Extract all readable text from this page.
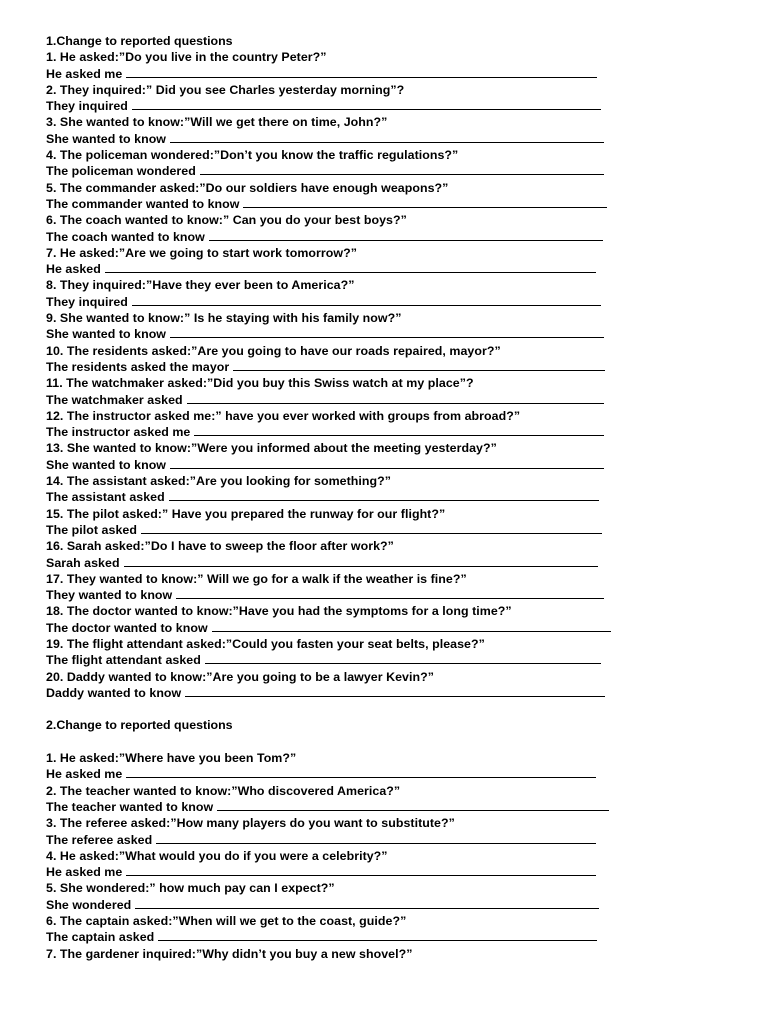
1.Change to reported questions
1. He asked:”Do you live in the country Peter?”
He asked me
2. They inquired:” Did you see Charles yesterday morning”?
They inquired
3. She wanted to know:”Will we get there on time, John?”
She wanted to know
4. The policeman wondered:”Don’t you know the traffic regulations?”
The policeman wondered
5. The commander asked:”Do our soldiers have enough weapons?”
The commander wanted to know
6. The coach wanted to know:” Can you do your best boys?”
The coach wanted to know
7. He asked:”Are we going to start work tomorrow?”
He asked
8. They inquired:”Have they ever been to America?”
They inquired
9. She wanted to know:” Is he staying with his family now?”
She wanted to know
10. The residents asked:”Are you going to have our roads repaired, mayor?”
The residents asked the mayor
11. The watchmaker asked:”Did you buy this Swiss watch at my place”?
The watchmaker asked
12. The instructor asked me:” have you ever worked with groups from abroad?”
The instructor asked me
13. She wanted to know:”Were you informed about the meeting yesterday?”
She wanted to know
14. The assistant asked:”Are you looking for something?”
The assistant asked
15. The pilot asked:” Have you prepared the runway for our flight?”
The pilot asked
16. Sarah asked:”Do I have to sweep the floor after work?”
Sarah asked
17. They wanted to know:” Will we go for a walk if the weather is fine?”
They wanted to know
18. The doctor wanted to know:”Have you had the symptoms for a long time?”
The doctor wanted to know
19. The flight attendant asked:”Could you fasten your seat belts, please?”
The flight attendant asked
20. Daddy wanted to know:”Are you going to be a lawyer Kevin?”
Daddy wanted to know
2.Change to reported questions
1. He asked:”Where have you been Tom?”
He asked me
2. The teacher wanted to know:”Who discovered America?”
The teacher wanted to know
3. The referee asked:”How many players do you want to substitute?”
The referee asked
4. He asked:”What would you do if you were a celebrity?”
He asked me
5. She wondered:” how much pay can I expect?”
She wondered
6. The captain asked:”When will we get to the coast, guide?”
The captain asked
7. The gardener inquired:”Why didn’t you buy a new shovel?”
